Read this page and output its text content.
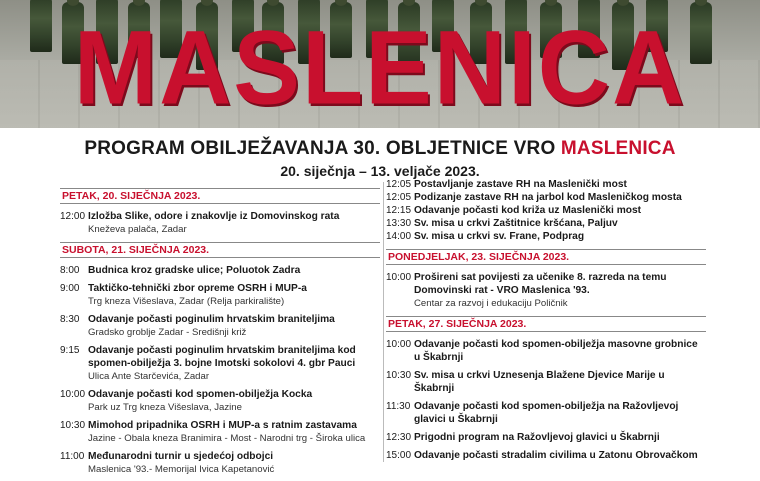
MASLENICA
PROGRAM OBILJEŽAVANJA 30. OBLJETNICE VRO MASLENICA
20. siječnja – 13. veljače 2023.
PETAK, 20. SIJEČNJA 2023.
12:00 Izložba Slike, odore i znakovlje iz Domovinskog rata
Kneževa palača, Zadar
SUBOTA, 21. SIJEČNJA 2023.
8:00 Budnica kroz gradske ulice; Poluotok Zadra
9:00 Taktičko-tehnički zbor opreme OSRH i MUP-a
Trg kneza Višeslava, Zadar (Relja parkiralište)
8:30 Odavanje počasti poginulim hrvatskim braniteljima
Gradsko groblje Zadar - Središnji križ
9:15 Odavanje počasti poginulim hrvatskim braniteljima kod spomen-obilježja 3. bojne Imotski sokolovi 4. gbr Pauci
Ulica Ante Starčevića, Zadar
10:00 Odavanje počasti kod spomen-obilježja Kocka
Park uz Trg kneza Višeslava, Jazine
10:30 Mimohod pripadnika OSRH i MUP-a s ratnim zastavama
Jazine - Obala kneza Branimira - Most - Narodni trg - Široka ulica
11:00 Međunarodni turnir u sjedećoj odbojci
Maslenica '93.- Memorijal Ivica Kapetanović
12:05 Postavljanje zastave RH na Masleničkі most
12:05 Podizanje zastave RH na jarbol kod Masleničkog mosta
12:15 Odavanje počasti kod križa uz Maslenički most
13:30 Sv. misa u crkvi Zaštitnice kršćana, Paljuv
14:00 Sv. misa u crkvi sv. Frane, Podprag
PONEDJELJAK, 23. SIJEČNJA 2023.
10:00 Prošireni sat povijesti za učenike 8. razreda na temu Domovinski rat - VRO Maslenica '93.
Centar za razvoj i edukaciju Poličnik
PETAK, 27. SIJEČNJA 2023.
10:00 Odavanje počasti kod spomen-obilježja masovne grobnice u Škabrnji
10:30 Sv. misa u crkvi Uznesenja Blažene Djevice Marije u Škabrnji
11:30 Odavanje počasti kod spomen-obilježja na Ražovljevoj glavici u Škabrnji
12:30 Prigodni program na Ražovljevoj glavici u Škabrnji
15:00 Odavanje počasti stradalim civilima u Zatonu Obrovačkom
